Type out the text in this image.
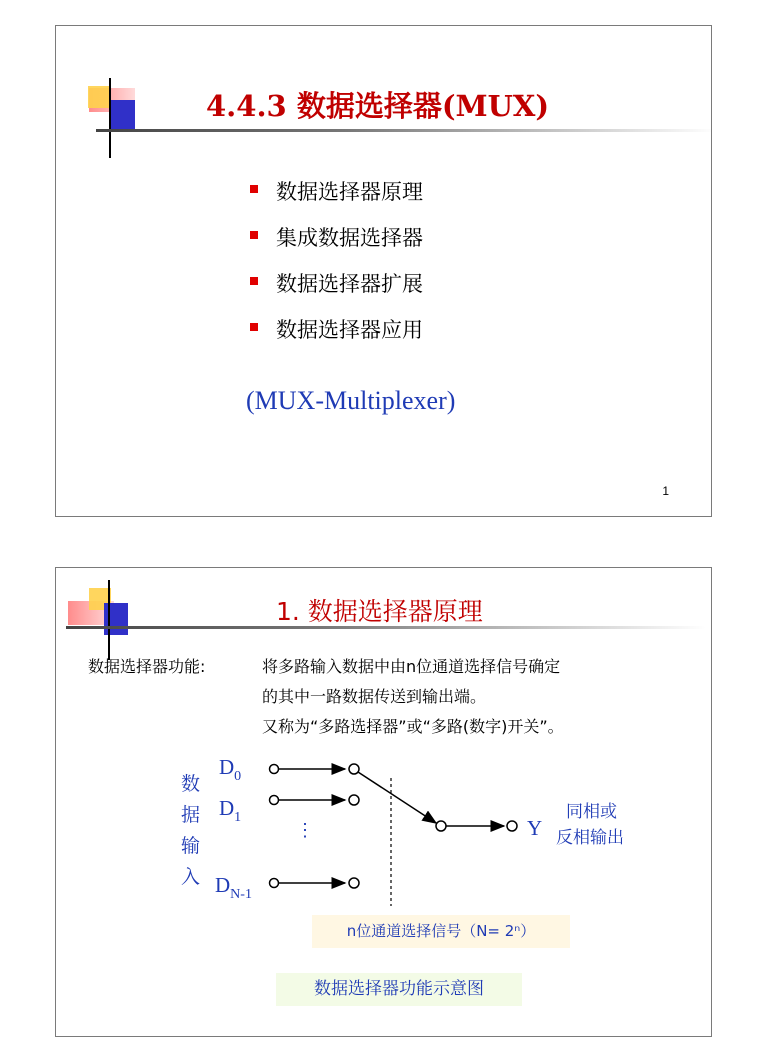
4.4.3 数据选择器(MUX)
数据选择器原理
集成数据选择器
数据选择器扩展
数据选择器应用
(MUX-Multiplexer)
1
1. 数据选择器原理
数据选择器功能:	将多路输入数据中由n位通道选择信号确定
的其中一路数据传送到输出端。
又称为“多路选择器”或“多路(数字)开关”。
数
据
输
入
$D_0$
$D_1$
$D_{N-1}$
⋮	Y
同相或
反相输出
n位通道选择信号（N= 2ⁿ）
数据选择器功能示意图
